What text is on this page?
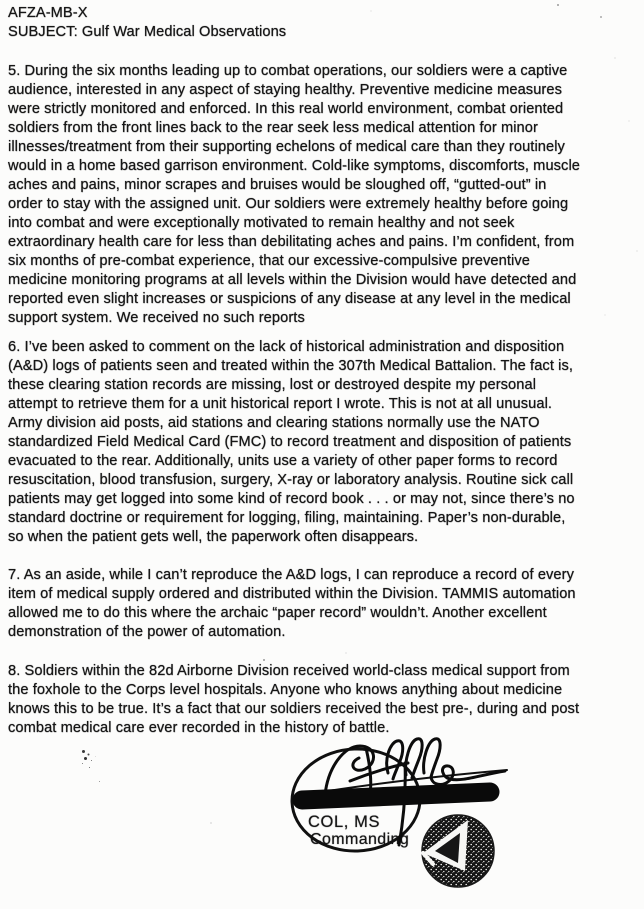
AFZA-MB-X
SUBJECT: Gulf War Medical Observations
5. During the six months leading up to combat operations, our soldiers were a captive
audience, interested in any aspect of staying healthy. Preventive medicine measures
were strictly monitored and enforced. In this real world environment, combat oriented
soldiers from the front lines back to the rear seek less medical attention for minor
illnesses/treatment from their supporting echelons of medical care than they routinely
would in a home based garrison environment. Cold-like symptoms, discomforts, muscle
aches and pains, minor scrapes and bruises would be sloughed off, “gutted-out” in
order to stay with the assigned unit. Our soldiers were extremely healthy before going
into combat and were exceptionally motivated to remain healthy and not seek
extraordinary health care for less than debilitating aches and pains. I’m confident, from
six months of pre-combat experience, that our excessive-compulsive preventive
medicine monitoring programs at all levels within the Division would have detected and
reported even slight increases or suspicions of any disease at any level in the medical
support system. We received no such reports
6. I’ve been asked to comment on the lack of historical administration and disposition
(A&D) logs of patients seen and treated within the 307th Medical Battalion. The fact is,
these clearing station records are missing, lost or destroyed despite my personal
attempt to retrieve them for a unit historical report I wrote. This is not at all unusual.
Army division aid posts, aid stations and clearing stations normally use the NATO
standardized Field Medical Card (FMC) to record treatment and disposition of patients
evacuated to the rear. Additionally, units use a variety of other paper forms to record
resuscitation, blood transfusion, surgery, X-ray or laboratory analysis. Routine sick call
patients may get logged into some kind of record book . . . or may not, since there’s no
standard doctrine or requirement for logging, filing, maintaining. Paper’s non-durable,
so when the patient gets well, the paperwork often disappears.
7. As an aside, while I can’t reproduce the A&D logs, I can reproduce a record of every
item of medical supply ordered and distributed within the Division. TAMMIS automation
allowed me to do this where the archaic “paper record” wouldn’t. Another excellent
demonstration of the power of automation.
8. Soldiers within the 82d Airborne Division received world-class medical support from
the foxhole to the Corps level hospitals. Anyone who knows anything about medicine
knows this to be true. It’s a fact that our soldiers received the best pre-, during and post
combat medical care ever recorded in the history of battle.
COL, MS
Commanding
